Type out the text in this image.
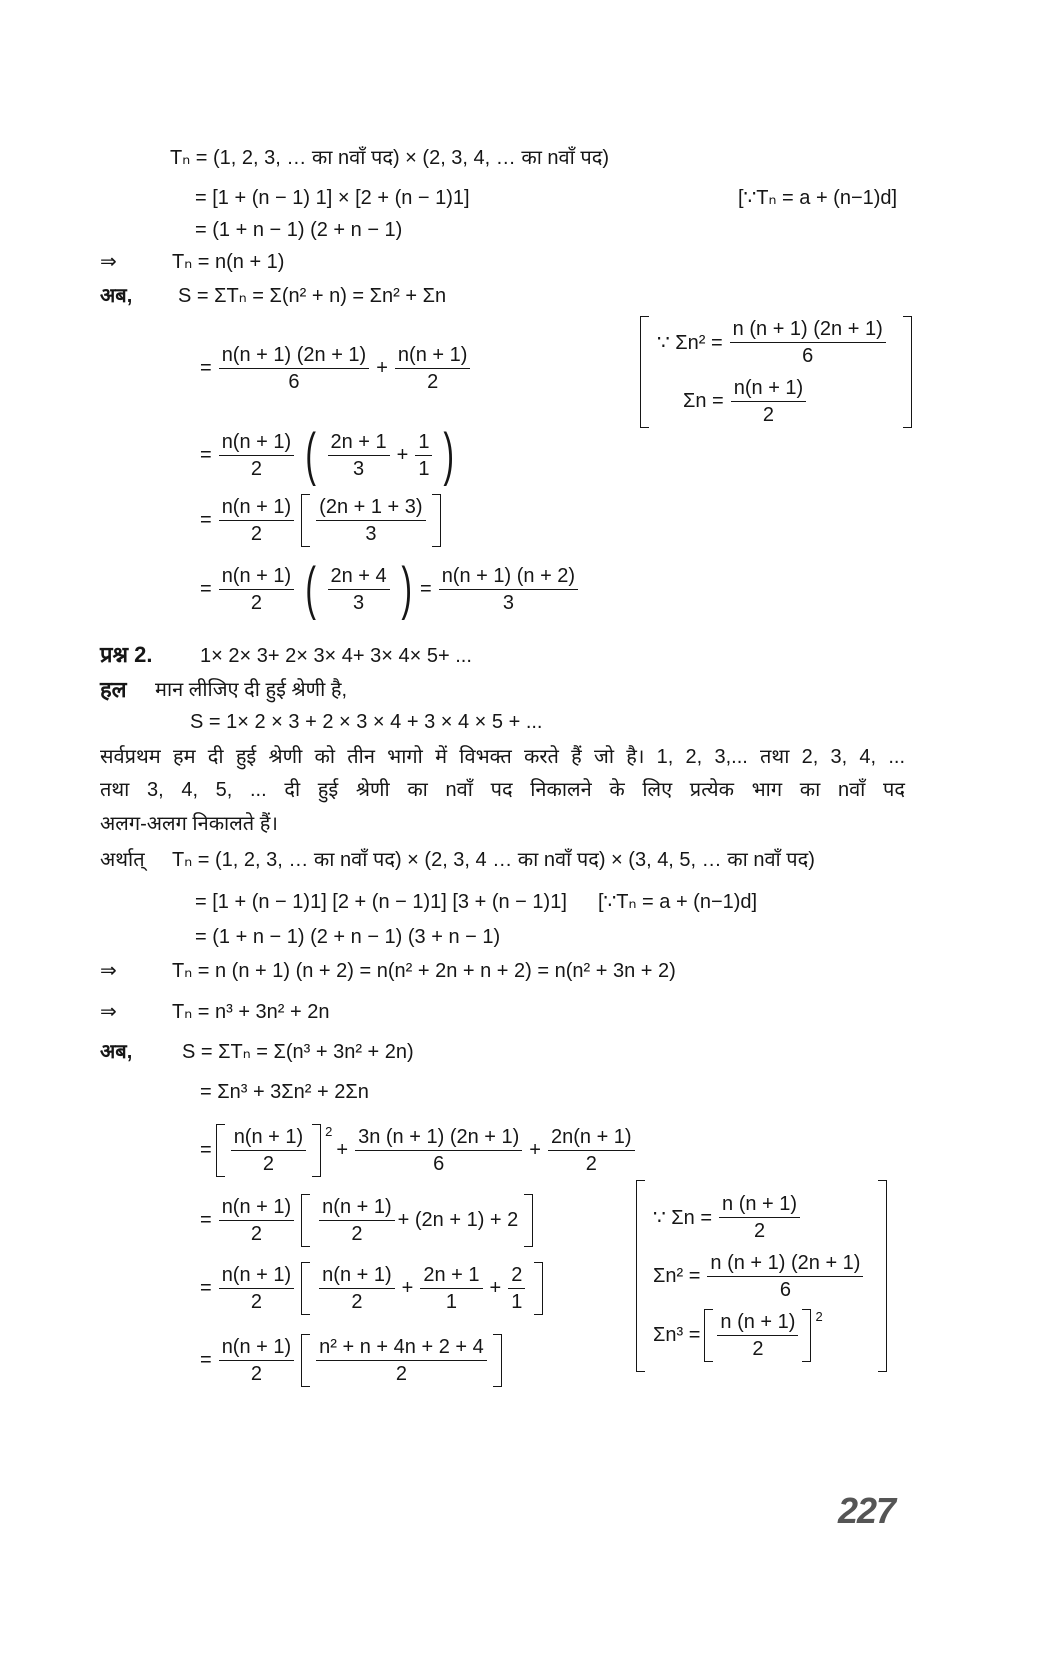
Tₙ = (1, 2, 3, … का nवाँ पद) × (2, 3, 4, … का nवाँ पद)
= [1 + (n − 1) 1] × [2 + (n − 1)1]	[∵Tₙ = a + (n−1)d]
= (1 + n − 1) (2 + n − 1)
⇒	Tₙ = n(n + 1)
अब, S = ΣTₙ = Σ(n² + n) = Σn² + Σn
= $\frac{n(n + 1) (2n + 1)}{6} + \frac{n(n + 1)}{2}$	∵ $\Sigma n^2 = \frac{n (n + 1) (2n + 1)}{6}$
$\Sigma n = \frac{n(n + 1)}{2}$
= $\frac{n(n + 1)}{2}$ ( $\frac{2n + 1}{3} + \frac{1}{1}$ )
= $\frac{n(n + 1)}{2} \frac{(2n + 1 + 3)}{3}$
= $\frac{n(n + 1)}{2}$ ( $\frac{2n + 4}{3}$ ) = $\frac{n(n + 1) (n + 2)}{3}$
प्रश्न 2. 1× 2× 3+ 2× 3× 4+ 3× 4× 5+ ...
हल मान लीजिए दी हुई श्रेणी है,
S = 1× 2 × 3 + 2 × 3 × 4 + 3 × 4 × 5 + ...
सर्वप्रथम हम दी हुई श्रेणी को तीन भागो में विभक्त करते हैं जो है। 1, 2, 3,... तथा 2, 3, 4, ...
तथा 3, 4, 5, ... दी हुई श्रेणी का nवाँ पद निकालने के लिए प्रत्येक भाग का nवाँ पद
अलग-अलग निकालते हैं।
अर्थात् Tₙ = (1, 2, 3, … का nवाँ पद) × (2, 3, 4 … का nवाँ पद) × (3, 4, 5, … का nवाँ पद)
= [1 + (n − 1)1] [2 + (n − 1)1] [3 + (n − 1)1] [∵Tₙ = a + (n−1)d]
= (1 + n − 1) (2 + n − 1) (3 + n − 1)
⇒	Tₙ = n (n + 1) (n + 2) = n(n² + 2n + n + 2) = n(n² + 3n + 2)
⇒	Tₙ = n³ + 3n² + 2n
अब, S = ΣTₙ = Σ(n³ + 3n² + 2n)
= Σn³ + 3Σn² + 2Σn
= $\frac{n(n + 1)}{2} ^2$
+ $\frac{3n (n + 1) (2n + 1)}{6} + \frac{2n(n + 1)}{2}$
= $\frac{n(n + 1)}{2} \frac{n(n + 1)}{2} + (2n + 1) + 2$
= $\frac{n(n + 1)}{2} \frac{n(n + 1)}{2} + \frac{2n + 1}{1} + \frac{2}{1}$
= $\frac{n(n + 1)}{2} \frac{\text{n² + n + 4n + 2 + 4}}{2}$
∵ $\Sigma n = \frac{n (n + 1)}{2}$
$\Sigma n^2 = \frac{n (n + 1) (2n + 1)}{6}$
$\Sigma n^3 = \frac{n (n + 1)}{2} ^2$
227
